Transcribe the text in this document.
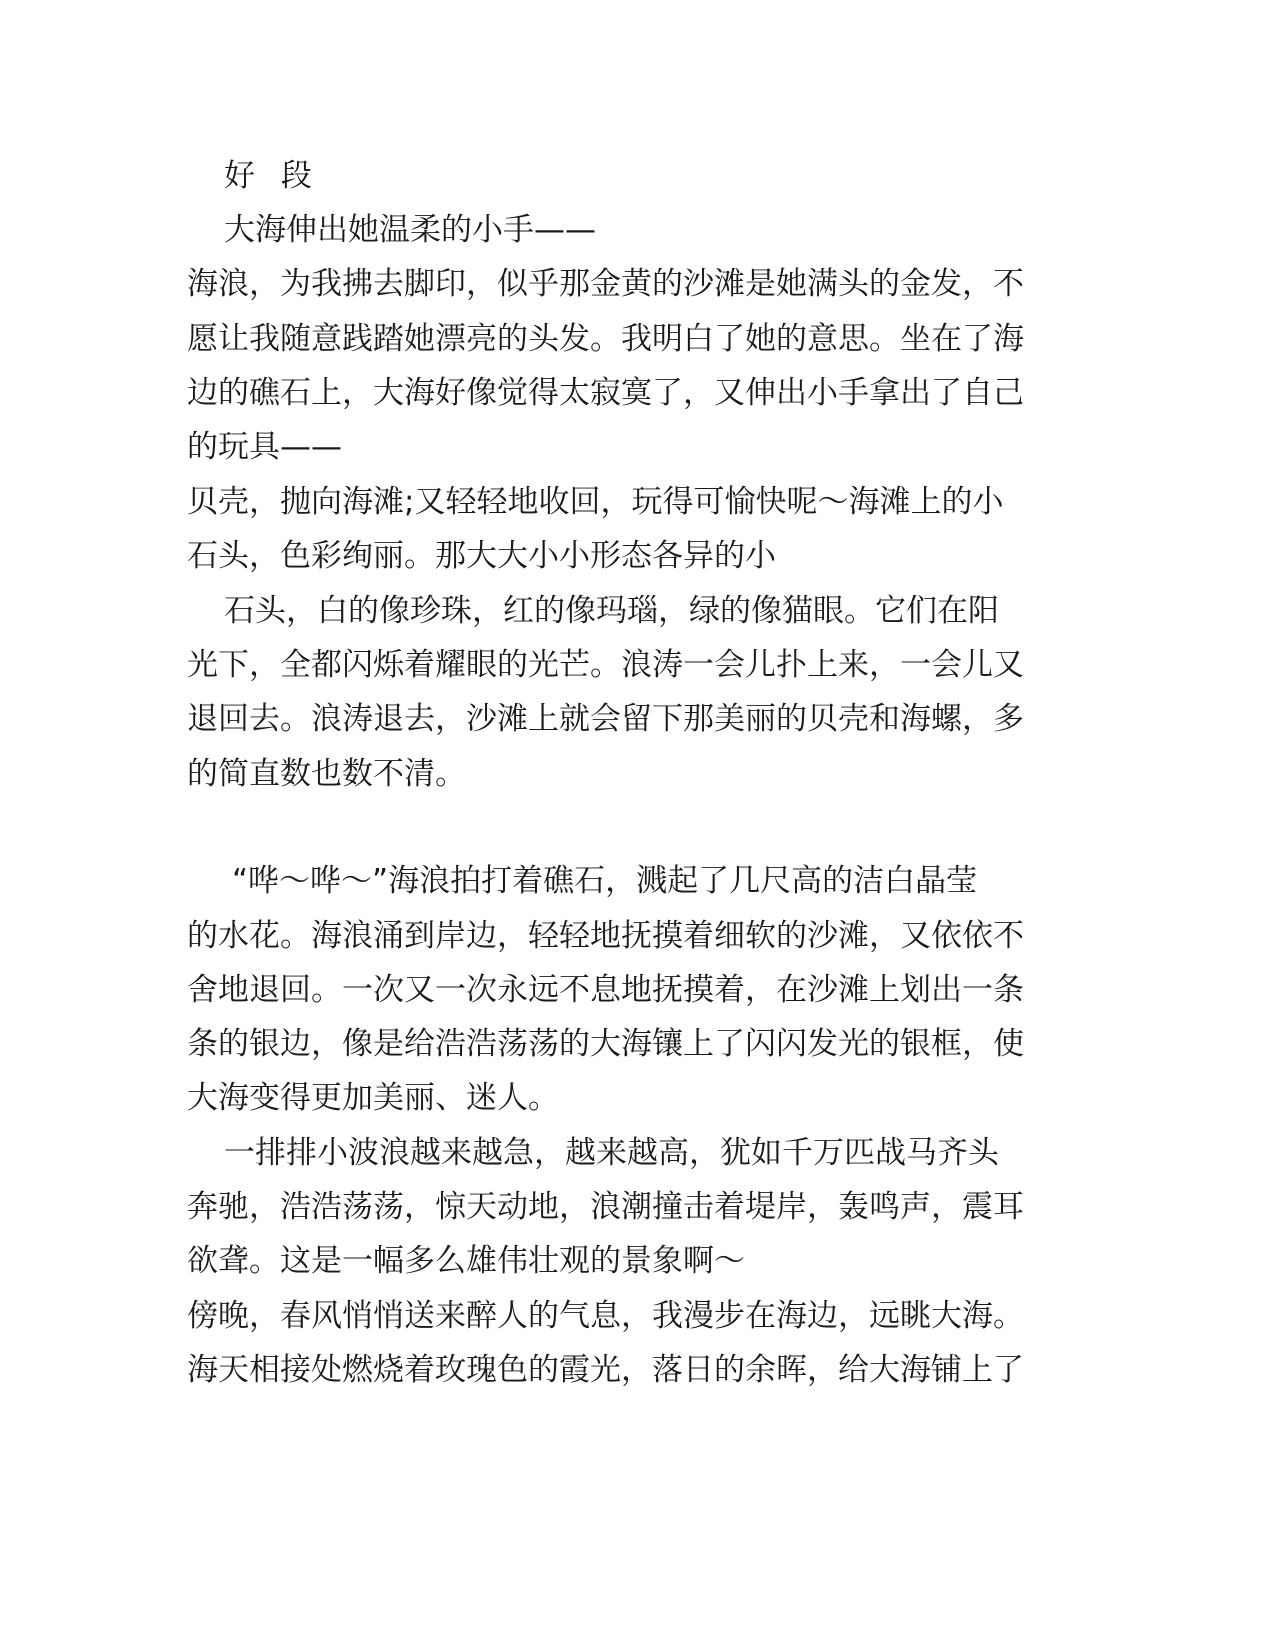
好 段
大海伸出她温柔的小手——
海浪，为我拂去脚印，似乎那金黄的沙滩是她满头的金发，不
愿让我随意践踏她漂亮的头发。我明白了她的意思。坐在了海
边的礁石上，大海好像觉得太寂寞了，又伸出小手拿出了自己
的玩具——
贝壳，抛向海滩;又轻轻地收回，玩得可愉快呢～海滩上的小
石头，色彩绚丽。那大大小小形态各异的小
石头，白的像珍珠，红的像玛瑙，绿的像猫眼。它们在阳
光下，全都闪烁着耀眼的光芒。浪涛一会儿扑上来，一会儿又
退回去。浪涛退去，沙滩上就会留下那美丽的贝壳和海螺，多
的简直数也数不清。
“哗～哗～”海浪拍打着礁石，溅起了几尺高的洁白晶莹
的水花。海浪涌到岸边，轻轻地抚摸着细软的沙滩，又依依不
舍地退回。一次又一次永远不息地抚摸着，在沙滩上划出一条
条的银边，像是给浩浩荡荡的大海镶上了闪闪发光的银框，使
大海变得更加美丽、迷人。
一排排小波浪越来越急，越来越高，犹如千万匹战马齐头
奔驰，浩浩荡荡，惊天动地，浪潮撞击着堤岸，轰鸣声，震耳
欲聋。这是一幅多么雄伟壮观的景象啊～
傍晚，春风悄悄送来醉人的气息，我漫步在海边，远眺大海。
海天相接处燃烧着玫瑰色的霞光，落日的余晖，给大海铺上了
